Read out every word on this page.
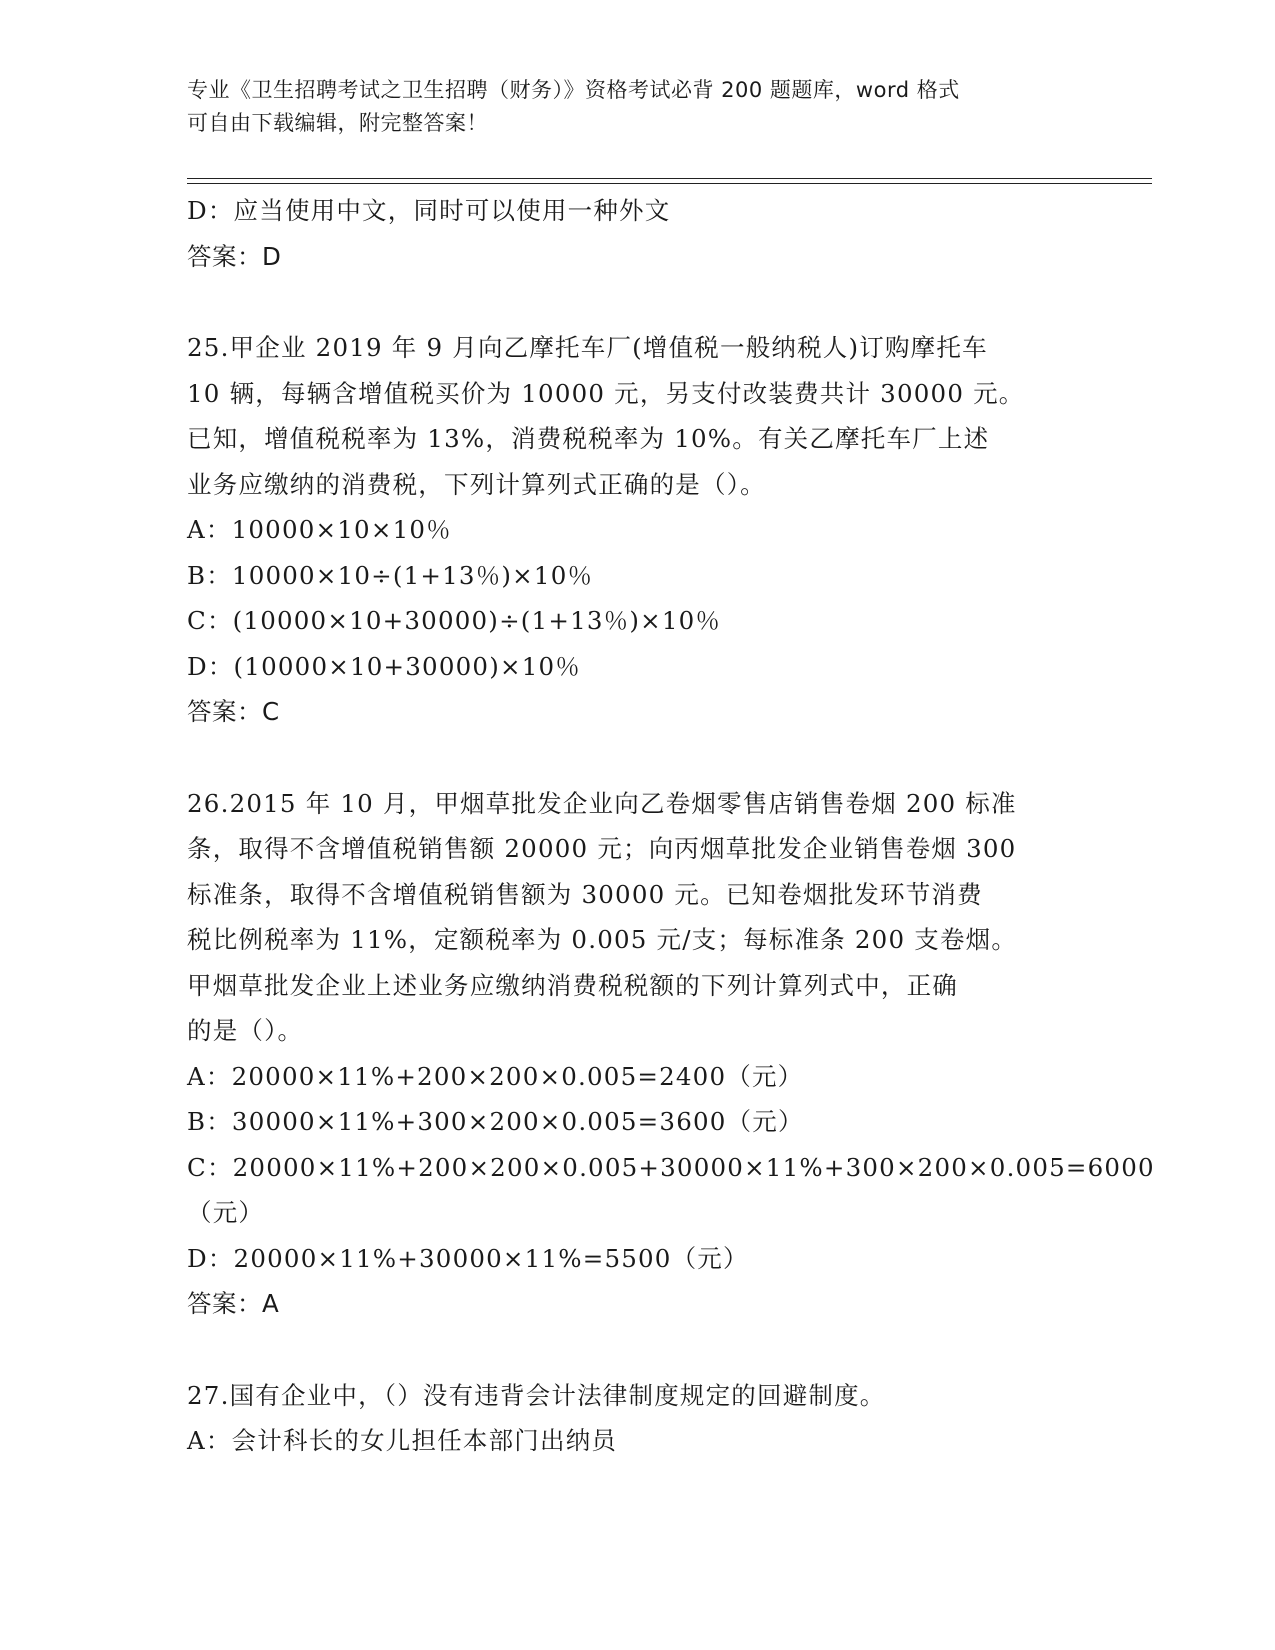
专业《卫生招聘考试之卫生招聘（财务）》资格考试必背 200 题题库，word 格式
可自由下载编辑，附完整答案！
D：应当使用中文，同时可以使用一种外文
答案：D
25.甲企业 2019 年 9 月向乙摩托车厂(增值税一般纳税人)订购摩托车
10 辆，每辆含增值税买价为 10000 元，另支付改装费共计 30000 元。
已知，增值税税率为 13%，消费税税率为 10%。有关乙摩托车厂上述
业务应缴纳的消费税，下列计算列式正确的是（）。
A：10000×10×10％
B：10000×10÷(1+13％)×10％
C：(10000×10+30000)÷(1+13％)×10％
D：(10000×10+30000)×10％
答案：C
26.2015 年 10 月，甲烟草批发企业向乙卷烟零售店销售卷烟 200 标准
条，取得不含增值税销售额 20000 元；向丙烟草批发企业销售卷烟 300
标准条，取得不含增值税销售额为 30000 元。已知卷烟批发环节消费
税比例税率为 11%，定额税率为 0.005 元/支；每标准条 200 支卷烟。
甲烟草批发企业上述业务应缴纳消费税税额的下列计算列式中，正确
的是（）。
A：20000×11%+200×200×0.005=2400（元）
B：30000×11%+300×200×0.005=3600（元）
C：20000×11%+200×200×0.005+30000×11%+300×200×0.005=6000
（元）
D：20000×11%+30000×11%=5500（元）
答案：A
27.国有企业中，（）没有违背会计法律制度规定的回避制度。
A：会计科长的女儿担任本部门出纳员
